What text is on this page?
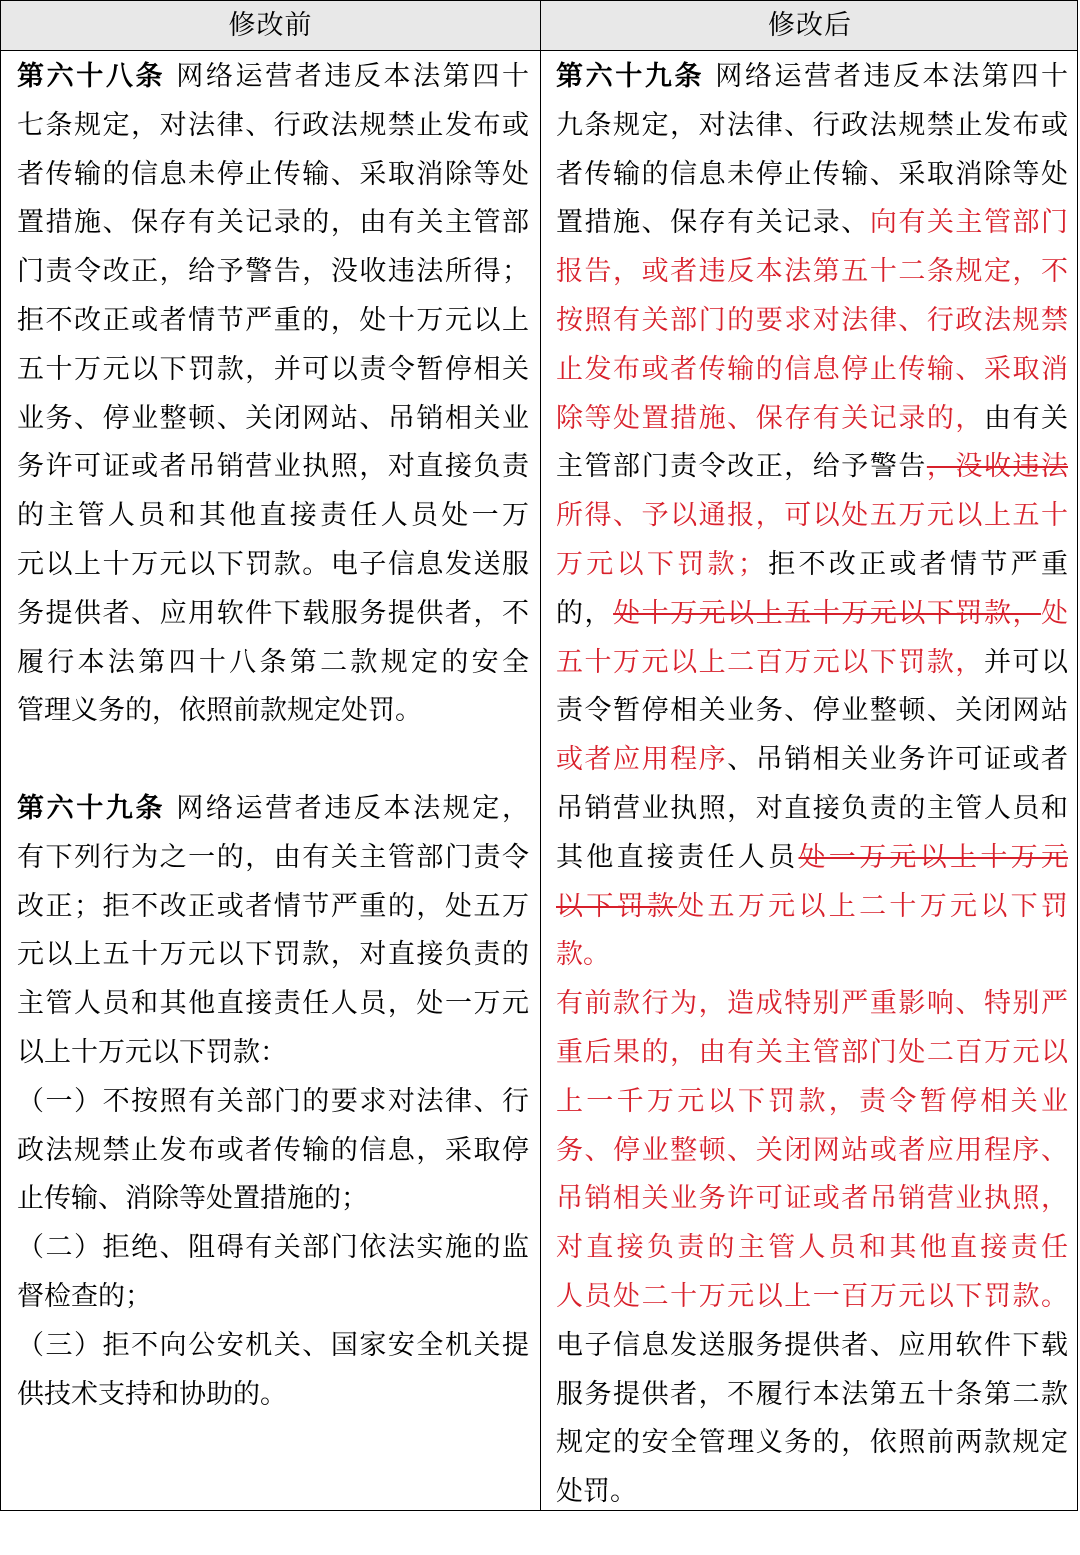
修改前	修改后
第六十八条 网络运营者违反本法第四十
七条规定，对法律、行政法规禁止发布或
者传输的信息未停止传输、采取消除等处
置措施、保存有关记录的，由有关主管部
门责令改正，给予警告，没收违法所得；
拒不改正或者情节严重的，处十万元以上
五十万元以下罚款，并可以责令暂停相关
业务、停业整顿、关闭网站、吊销相关业
务许可证或者吊销营业执照，对直接负责
的主管人员和其他直接责任人员处一万
元以上十万元以下罚款。电子信息发送服
务提供者、应用软件下载服务提供者，不
履行本法第四十八条第二款规定的安全
管理义务的，依照前款规定处罚。
第六十九条 网络运营者违反本法规定，
有下列行为之一的，由有关主管部门责令
改正；拒不改正或者情节严重的，处五万
元以上五十万元以下罚款，对直接负责的
主管人员和其他直接责任人员，处一万元
以上十万元以下罚款：
（一）不按照有关部门的要求对法律、行
政法规禁止发布或者传输的信息，采取停
止传输、消除等处置措施的；
（二）拒绝、阻碍有关部门依法实施的监
督检查的；
（三）拒不向公安机关、国家安全机关提
供技术支持和协助的。
第六十九条 网络运营者违反本法第四十
九条规定，对法律、行政法规禁止发布或
者传输的信息未停止传输、采取消除等处
置措施、保存有关记录、向有关主管部门
报告，或者违反本法第五十二条规定，不
按照有关部门的要求对法律、行政法规禁
止发布或者传输的信息停止传输、采取消
除等处置措施、保存有关记录的，由有关
主管部门责令改正，给予警告，没收违法
所得、予以通报，可以处五万元以上五十
万元以下罚款；拒不改正或者情节严重
的，处十万元以上五十万元以下罚款，处
五十万元以上二百万元以下罚款，并可以
责令暂停相关业务、停业整顿、关闭网站
或者应用程序、吊销相关业务许可证或者
吊销营业执照，对直接负责的主管人员和
其他直接责任人员处一万元以上十万元
以下罚款处五万元以上二十万元以下罚
款。
有前款行为，造成特别严重影响、特别严
重后果的，由有关主管部门处二百万元以
上一千万元以下罚款，责令暂停相关业
务、停业整顿、关闭网站或者应用程序、
吊销相关业务许可证或者吊销营业执照，
对直接负责的主管人员和其他直接责任
人员处二十万元以上一百万元以下罚款。
电子信息发送服务提供者、应用软件下载
服务提供者，不履行本法第五十条第二款
规定的安全管理义务的，依照前两款规定
处罚。
